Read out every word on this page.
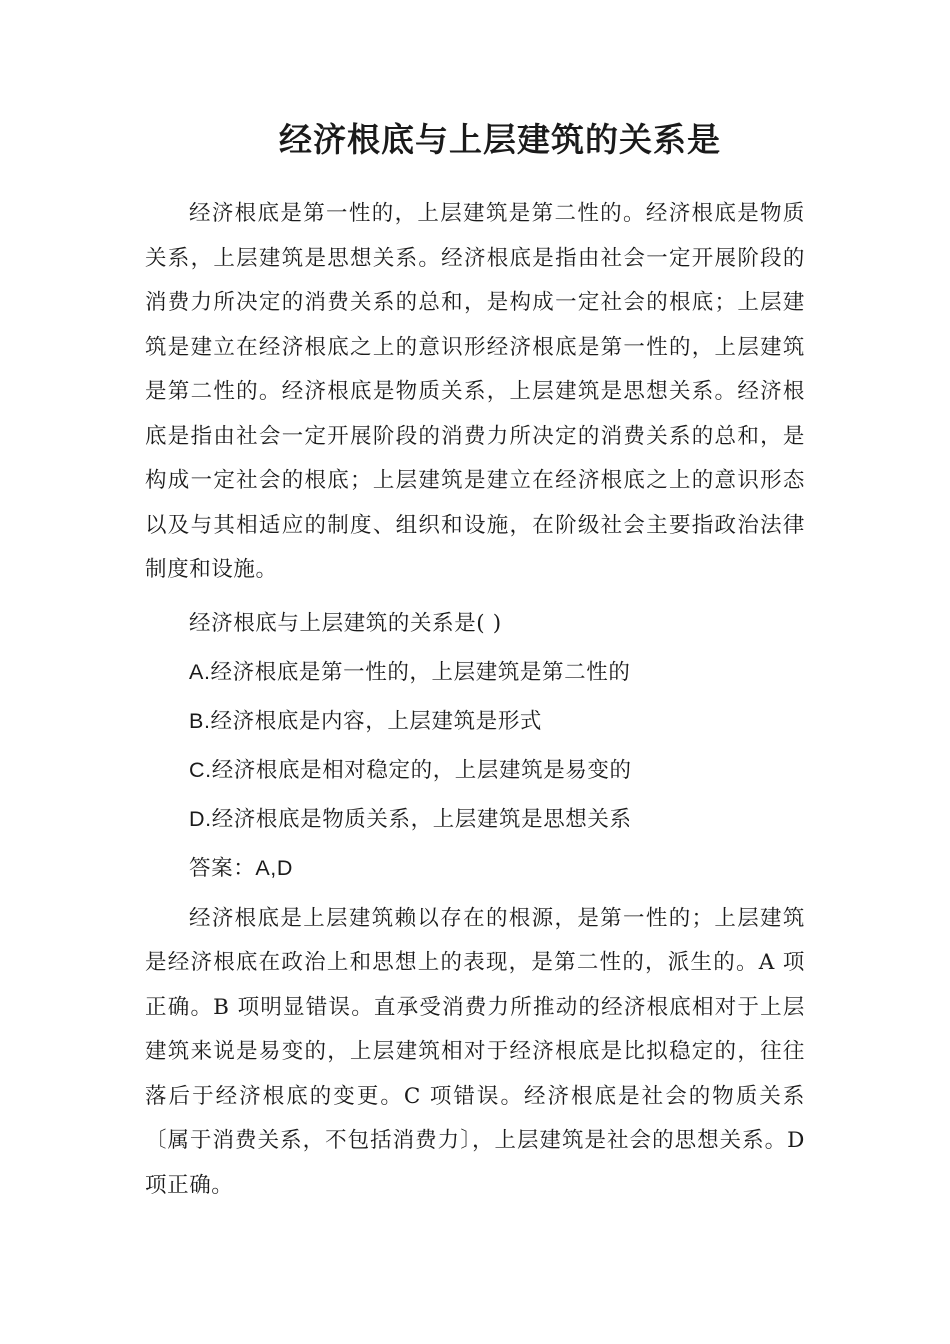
经济根底与上层建筑的关系是

经济根底是第一性的，上层建筑是第二性的。经济根底是物质关系，上层建筑是思想关系。经济根底是指由社会一定开展阶段的消费力所决定的消费关系的总和，是构成一定社会的根底；上层建筑是建立在经济根底之上的意识形经济根底是第一性的，上层建筑是第二性的。经济根底是物质关系，上层建筑是思想关系。经济根底是指由社会一定开展阶段的消费力所决定的消费关系的总和，是构成一定社会的根底；上层建筑是建立在经济根底之上的意识形态以及与其相适应的制度、组织和设施，在阶级社会主要指政治法律制度和设施。

经济根底与上层建筑的关系是( )

A.经济根底是第一性的，上层建筑是第二性的

B.经济根底是内容，上层建筑是形式

C.经济根底是相对稳定的，上层建筑是易变的

D.经济根底是物质关系，上层建筑是思想关系

答案：A,D

经济根底是上层建筑赖以存在的根源，是第一性的；上层建筑是经济根底在政治上和思想上的表现，是第二性的，派生的。A 项正确。B 项明显错误。直承受消费力所推动的经济根底相对于上层建筑来说是易变的，上层建筑相对于经济根底是比拟稳定的，往往落后于经济根底的变更。C 项错误。经济根底是社会的物质关系〔属于消费关系，不包括消费力〕，上层建筑是社会的思想关系。D 项正确。
